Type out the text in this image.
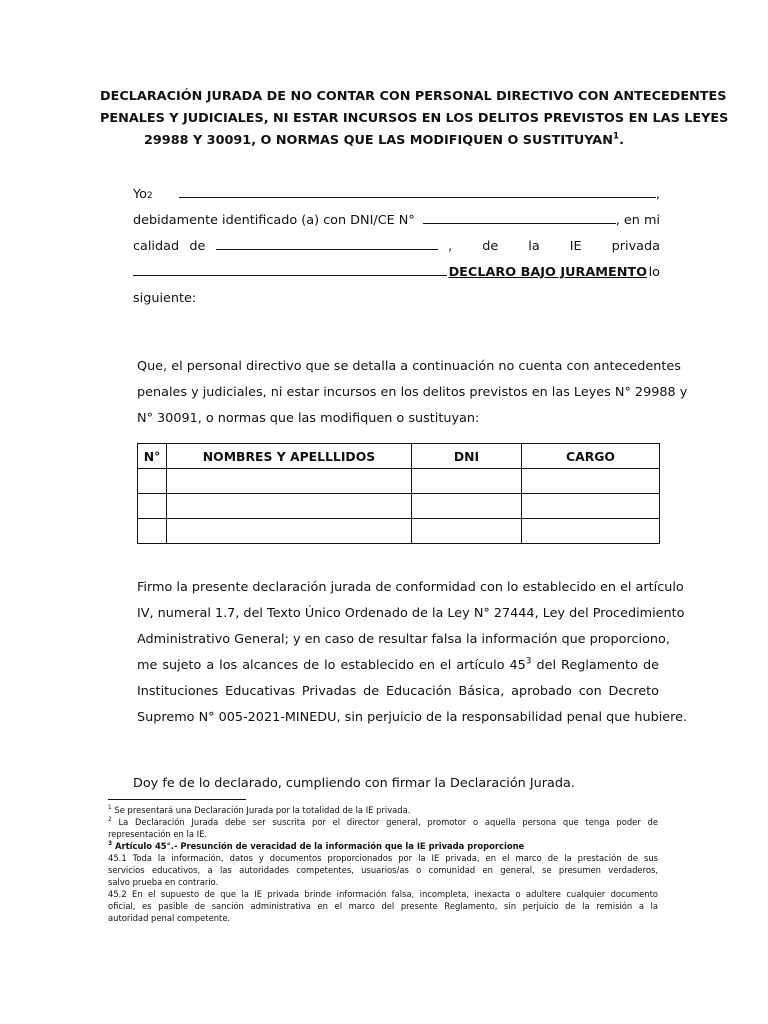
DECLARACIÓN JURADA DE NO CONTAR CON PERSONAL DIRECTIVO CON ANTECEDENTES
PENALES Y JUDICIALES, NI ESTAR INCURSOS EN LOS DELITOS PREVISTOS EN LAS LEYES
29988 Y 30091, O NORMAS QUE LAS MODIFIQUEN O SUSTITUYAN$^1$.
Yo 2	,
debidamente identificado (a) con DNI/CE N°	, en mi
calidad de	, de la IE privada
DECLARO BAJO JURAMENTO lo
siguiente:
Que, el personal directivo que se detalla a continuación no cuenta con antecedentes
penales y judiciales, ni estar incursos en los delitos previstos en las Leyes N° 29988 y
N° 30091, o normas que las modifiquen o sustituyan:
N°	NOMBRES Y APELLLIDOS	DNI	CARGO

Firmo la presente declaración jurada de conformidad con lo establecido en el artículo
IV, numeral 1.7, del Texto Único Ordenado de la Ley N° 27444, Ley del Procedimiento
Administrativo General; y en caso de resultar falsa la información que proporciono,
me sujeto a los alcances de lo establecido en el artículo $45^3$ del Reglamento de
Instituciones Educativas Privadas de Educación Básica, aprobado con Decreto
Supremo N° 005-2021-MINEDU, sin perjuicio de la responsabilidad penal que hubiere.
Doy fe de lo declarado, cumpliendo con firmar la Declaración Jurada.
$^1$ Se presentará una Declaración Jurada por la totalidad de la IE privada.
$^2$ La Declaración Jurada debe ser suscrita por el director general, promotor o aquella persona que tenga poder de
representación en la IE.
$^3$ Artículo 45°.- Presunción de veracidad de la información que la IE privada proporcione
45.1 Toda la información, datos y documentos proporcionados por la IE privada, en el marco de la prestación de sus
servicios educativos, a las autoridades competentes, usuarios/as o comunidad en general, se presumen verdaderos,
salvo prueba en contrario.
45.2 En el supuesto de que la IE privada brinde información falsa, incompleta, inexacta o adultere cualquier documento
oficial, es pasible de sanción administrativa en el marco del presente Reglamento, sin perjuicio de la remisión a la
autoridad penal competente.
